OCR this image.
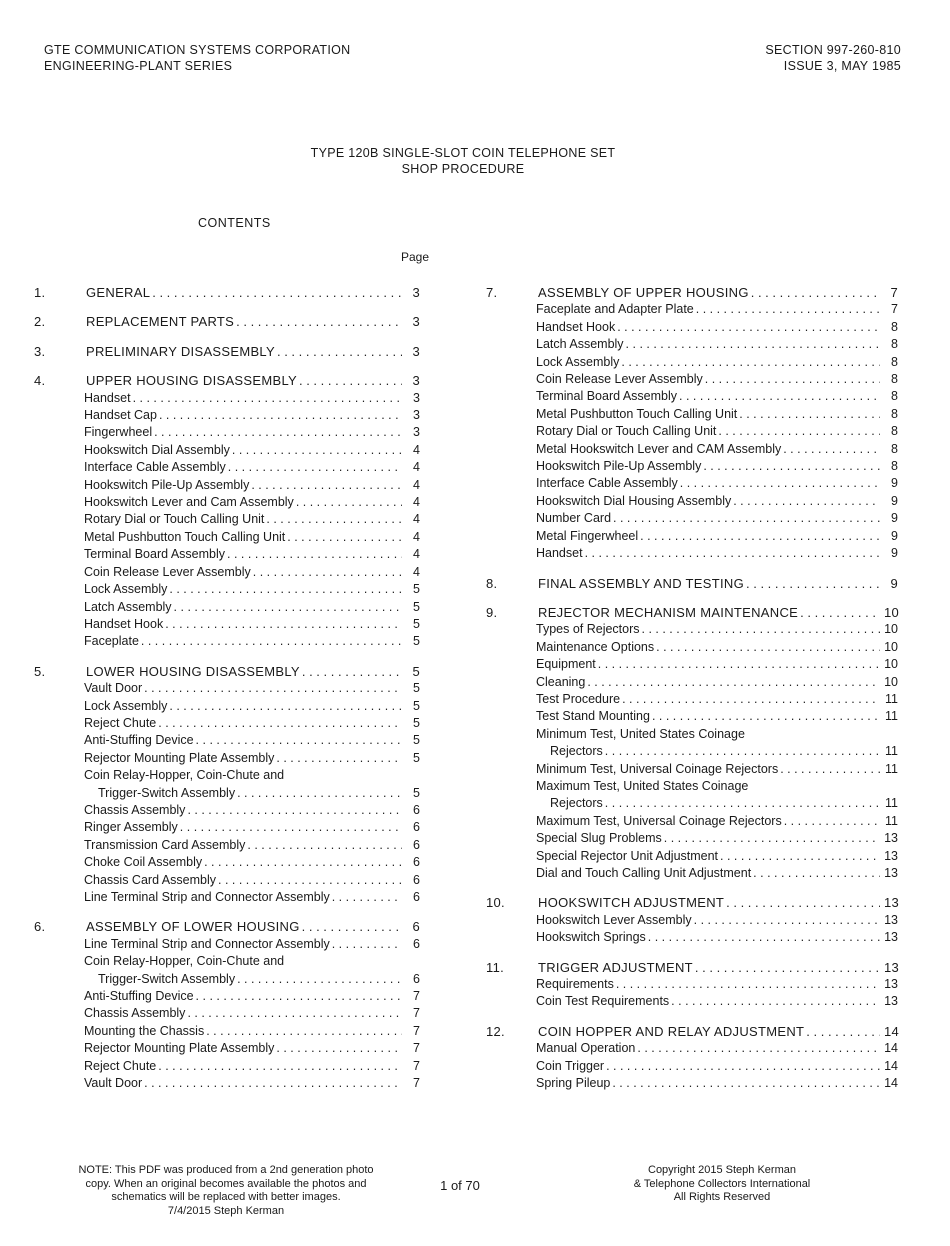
GTE COMMUNICATION SYSTEMS CORPORATION
ENGINEERING-PLANT SERIES
SECTION 997-260-810
ISSUE 3, MAY 1985
TYPE 120B SINGLE-SLOT COIN TELEPHONE SET
SHOP PROCEDURE
CONTENTS
Page
1.	GENERAL . . .	3
2.	REPLACEMENT PARTS . . .	3
3.	PRELIMINARY DISASSEMBLY . . .	3
4.	UPPER HOUSING DISASSEMBLY . . .	3
Handset . . .	3
Handset Cap . . .	3
Fingerwheel . . .	3
Hookswitch Dial Assembly . . .	4
Interface Cable Assembly . . .	4
Hookswitch Pile-Up Assembly . . .	4
Hookswitch Lever and Cam Assembly . . .	4
Rotary Dial or Touch Calling Unit . . .	4
Metal Pushbutton Touch Calling Unit . . .	4
Terminal Board Assembly . . .	4
Coin Release Lever Assembly . . .	4
Lock Assembly . . .	5
Latch Assembly . . .	5
Handset Hook . . .	5
Faceplate . . .	5
5.	LOWER HOUSING DISASSEMBLY . . .	5
Vault Door . . .	5
Lock Assembly . . .	5
Reject Chute . . .	5
Anti-Stuffing Device . . .	5
Rejector Mounting Plate Assembly . . .	5
Coin Relay-Hopper, Coin-Chute and
Trigger-Switch Assembly . . .	5
Chassis Assembly . . .	6
Ringer Assembly . . .	6
Transmission Card Assembly . . .	6
Choke Coil Assembly . . .	6
Chassis Card Assembly . . .	6
Line Terminal Strip and Connector Assembly . . .	6
6.	ASSEMBLY OF LOWER HOUSING . . .	6
Line Terminal Strip and Connector Assembly . . .	6
Coin Relay-Hopper, Coin-Chute and
Trigger-Switch Assembly . . .	6
Anti-Stuffing Device . . .	7
Chassis Assembly . . .	7
Mounting the Chassis . . .	7
Rejector Mounting Plate Assembly . . .	7
Reject Chute . . .	7
Vault Door . . .	7
7.	ASSEMBLY OF UPPER HOUSING . . .	7
Faceplate and Adapter Plate . . .	7
Handset Hook . . .	8
Latch Assembly . . .	8
Lock Assembly . . .	8
Coin Release Lever Assembly . . .	8
Terminal Board Assembly . . .	8
Metal Pushbutton Touch Calling Unit . . .	8
Rotary Dial or Touch Calling Unit . . .	8
Metal Hookswitch Lever and CAM Assembly . . .	8
Hookswitch Pile-Up Assembly . . .	8
Interface Cable Assembly . . .	9
Hookswitch Dial Housing Assembly . . .	9
Number Card . . .	9
Metal Fingerwheel . . .	9
Handset . . .	9
8.	FINAL ASSEMBLY AND TESTING . . .	9
9.	REJECTOR MECHANISM MAINTENANCE . . .	10
Types of Rejectors . . .	10
Maintenance Options . . .	10
Equipment . . .	10
Cleaning . . .	10
Test Procedure . . .	11
Test Stand Mounting . . .	11
Minimum Test, United States Coinage
Rejectors . . .	11
Minimum Test, Universal Coinage Rejectors . . .	11
Maximum Test, United States Coinage
Rejectors . . .	11
Maximum Test, Universal Coinage Rejectors . . .	11
Special Slug Problems . . .	13
Special Rejector Unit Adjustment . . .	13
Dial and Touch Calling Unit Adjustment . . .	13
10.	HOOKSWITCH ADJUSTMENT . . .	13
Hookswitch Lever Assembly . . .	13
Hookswitch Springs . . .	13
11.	TRIGGER ADJUSTMENT . . .	13
Requirements . . .	13
Coin Test Requirements . . .	13
12.	COIN HOPPER AND RELAY ADJUSTMENT . . .	14
Manual Operation . . .	14
Coin Trigger . . .	14
Spring Pileup . . .	14
NOTE: This PDF was produced from a 2nd generation photo
copy. When an original becomes available the photos and
schematics will be replaced with better images.
7/4/2015 Steph Kerman
1 of 70
Copyright 2015 Steph Kerman
& Telephone Collectors International
All Rights Reserved
